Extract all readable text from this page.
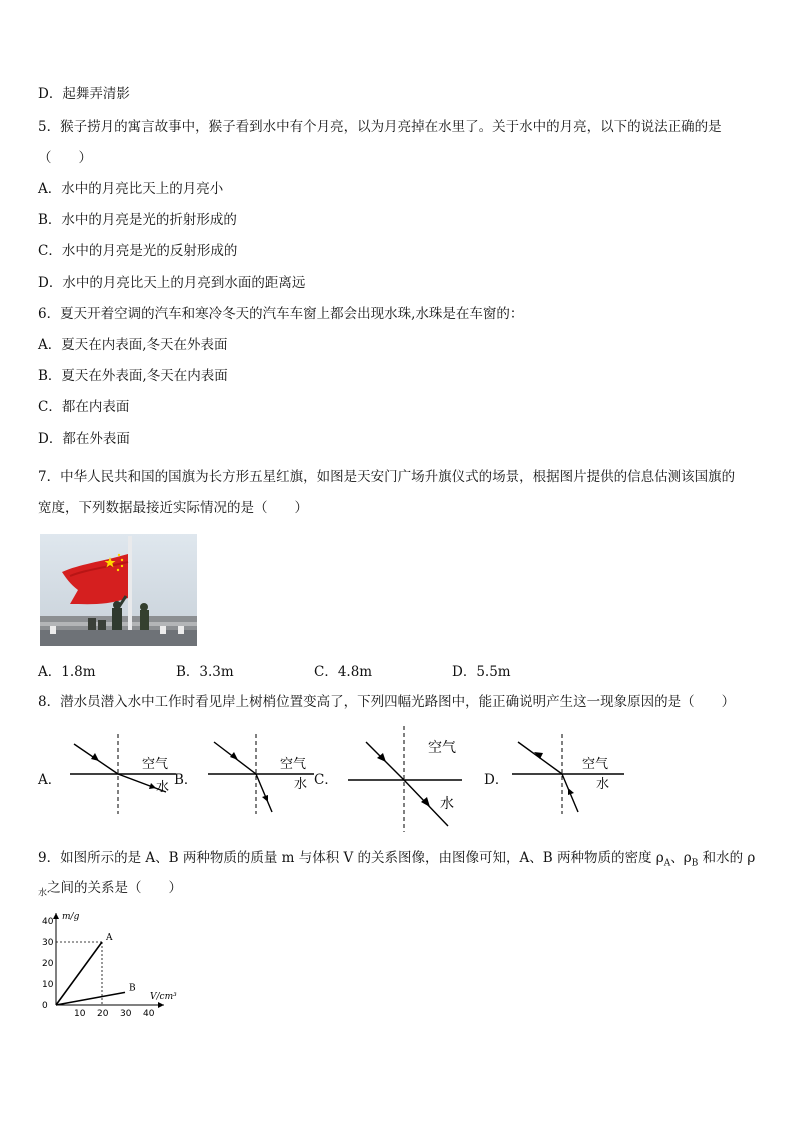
D．起舞弄清影
5．猴子捞月的寓言故事中，猴子看到水中有个月亮，以为月亮掉在水里了。关于水中的月亮，以下的说法正确的是
（　　）
A．水中的月亮比天上的月亮小
B．水中的月亮是光的折射形成的
C．水中的月亮是光的反射形成的
D．水中的月亮比天上的月亮到水面的距离远
6．夏天开着空调的汽车和寒冷冬天的汽车车窗上都会出现水珠,水珠是在车窗的：
A．夏天在内表面,冬天在外表面
B．夏天在外表面,冬天在内表面
C．都在内表面
D．都在外表面
7．中华人民共和国的国旗为长方形五星红旗，如图是天安门广场升旗仪式的场景，根据图片提供的信息估测该国旗的
宽度，下列数据最接近实际情况的是（　　）
A．1.8m	B．3.3m	C．4.8m	D．5.5m
8．潜水员潜入水中工作时看见岸上树梢位置变高了，下列四幅光路图中，能正确说明产生这一现象原因的是（　　）
A．
空气
水 B．
空气
水 C．
空气
水
D．
空气
水
9．如图所示的是 A、B 两种物质的质量 m 与体积 V 的关系图像，由图像可知，A、B 两种物质的密度 $\rho_A$、$\rho_B$ 和水的 ρ
$_水$之间的关系是（　　）
m/g
V/cm³
10 20 30 40
0
10
20
30
40
A
B
